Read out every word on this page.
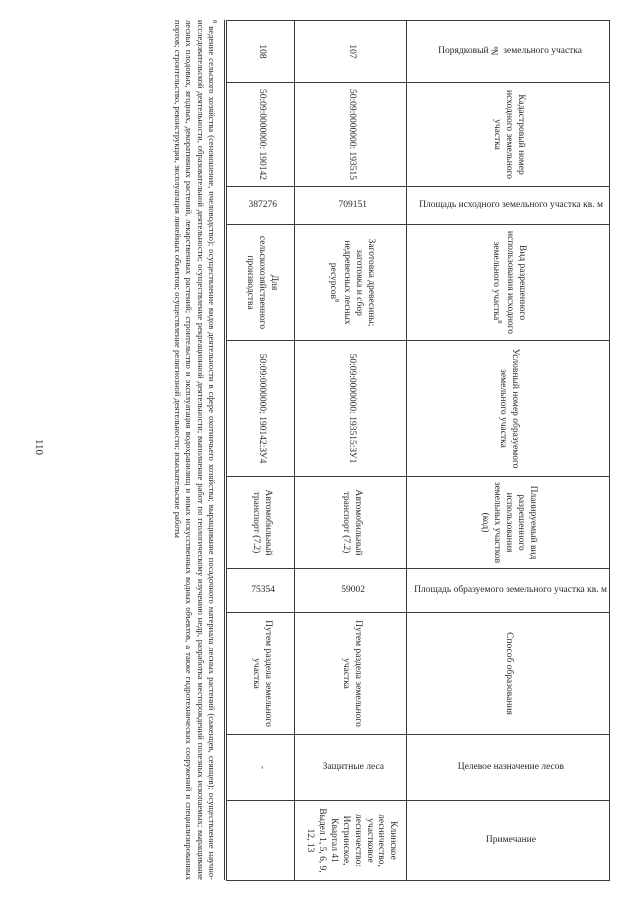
110
Порядковый № земельного участка	Кадастровый номер исходного земельного участка	Площадь исходного земельного участка кв. м	Вид разрешенного использования исходного земельного участка$^8$	Условный номер образуемого земельного участка	Планируемый вид разрешенного использования земельных участков (код)	Площадь образуемого земельного участка кв. м	Способ образования	Целевое назначение лесов	Примечание
107	50:09:0000000: 193515	709151	Заготовка древесины; заготовка и сбор недревесных лесных ресурсов$^8$	50:09:0000000: 193515:ЗУ1	Автомобильный транспорт (7.2)	59002	Путем раздела земельного участка	Защитные леса	Клинское лесничество, участковое лесничество: Истринское, Квартал 41 Выдел 1, 5, 6, 9, 12, 13
108	50:09:0000000: 190142	387276	Для сельскохозяйственного производства	50:09:0000000: 190142:ЗУ4	Автомобильный транспорт (7.2)	75354	Путем раздела земельного участка	-	
$^8$ ведение сельского хозяйства (сенокошение, пчеловодство); осуществление видов деятельности в сфере охотничьего хозяйства; выращивание посадочного материала лесных растений (саженцев, сеянцев); осуществление научно-исследовательской деятельности, образовательной деятельности; осуществление рекреационной деятельности; выполнение работ по геологическому изучению недр, разработка месторождений полезных ископаемых; выращивание лесных плодовых, ягодных, декоративных растений, лекарственных растений; строительство и эксплуатация водохранилищ и иных искусственных водных объектов, а также гидротехнических сооружений и специализированных портов; строительство, реконструкция, эксплуатация линейных объектов; осуществление религиозной деятельности; изыскательские работы
